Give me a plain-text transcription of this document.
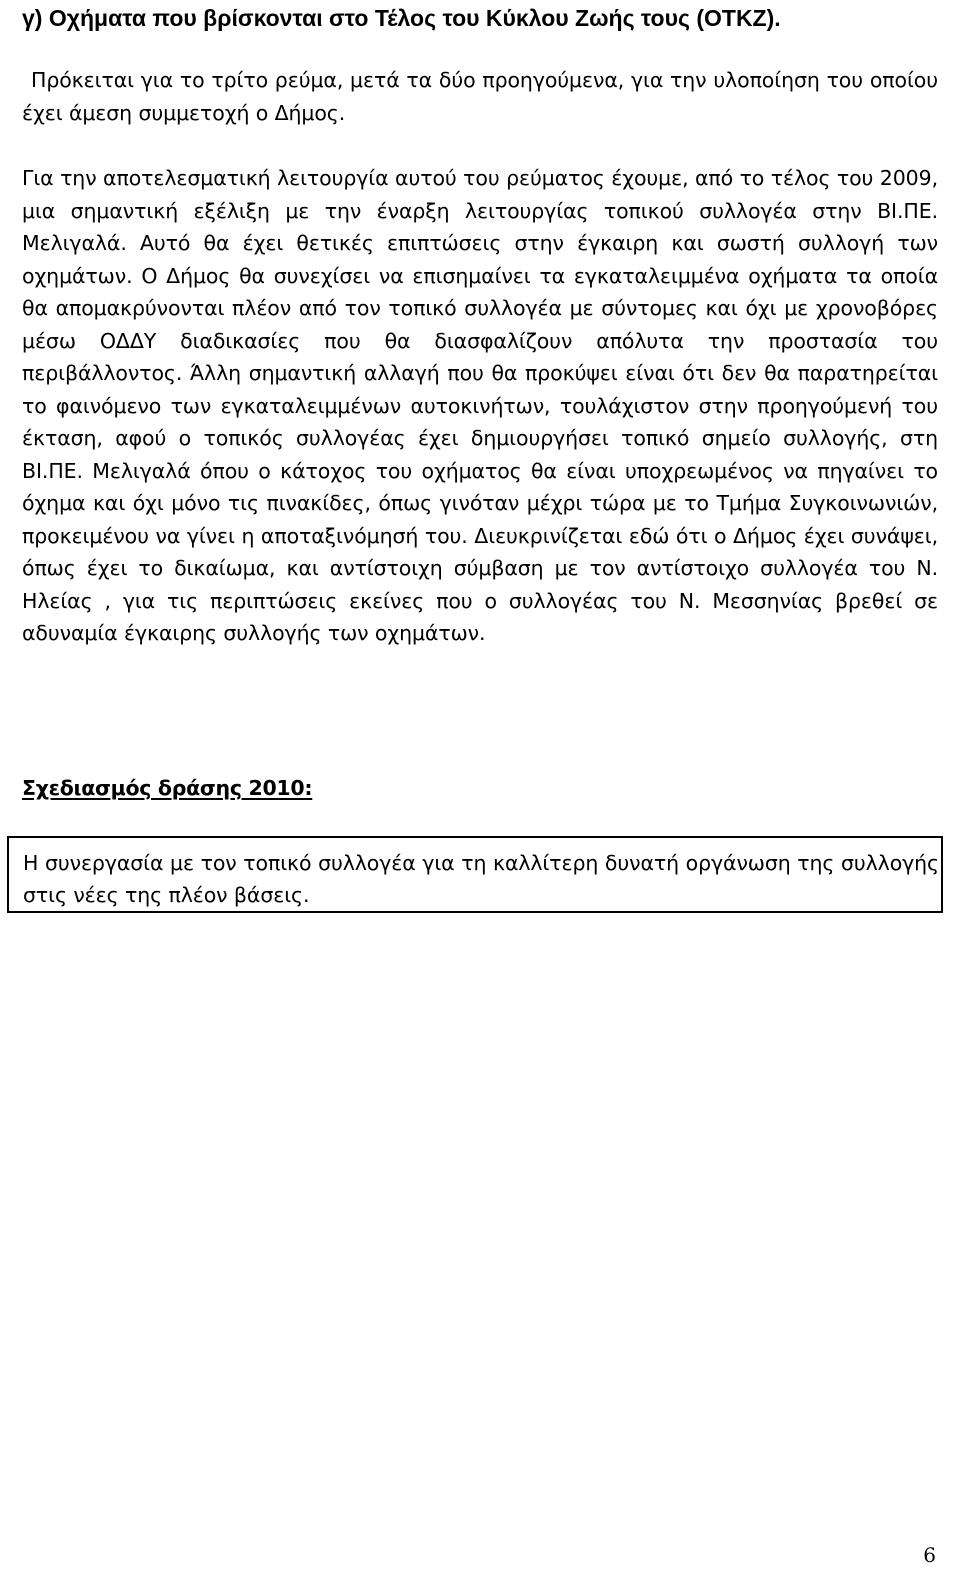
γ) Οχήματα που βρίσκονται στο Τέλος του Κύκλου Ζωής τους (ΟΤΚΖ).
Πρόκειται για το τρίτο ρεύμα, μετά τα δύο προηγούμενα, για την υλοποίηση του οποίου έχει άμεση συμμετοχή ο Δήμος.
Για την αποτελεσματική λειτουργία αυτού του ρεύματος έχουμε, από το τέλος του 2009, μια σημαντική εξέλιξη με την έναρξη λειτουργίας τοπικού συλλογέα στην ΒΙ.ΠΕ. Μελιγαλά. Αυτό θα έχει θετικές επιπτώσεις στην έγκαιρη και σωστή συλλογή των οχημάτων. Ο Δήμος θα συνεχίσει να επισημαίνει τα εγκαταλειμμένα οχήματα τα οποία θα απομακρύνονται πλέον από τον τοπικό συλλογέα με σύντομες και όχι με χρονοβόρες μέσω ΟΔΔΥ διαδικασίες που θα διασφαλίζουν απόλυτα την προστασία του περιβάλλοντος. Άλλη σημαντική αλλαγή που θα προκύψει είναι ότι δεν θα παρατηρείται το φαινόμενο των εγκαταλειμμένων αυτοκινήτων, τουλάχιστον στην προηγούμενή του έκταση, αφού ο τοπικός συλλογέας έχει δημιουργήσει τοπικό σημείο συλλογής, στη ΒΙ.ΠΕ. Μελιγαλά όπου ο κάτοχος του οχήματος θα είναι υποχρεωμένος να πηγαίνει το όχημα και όχι μόνο τις πινακίδες, όπως γινόταν μέχρι τώρα με το Τμήμα Συγκοινωνιών, προκειμένου να γίνει η αποταξινόμησή του. Διευκρινίζεται εδώ ότι ο Δήμος έχει συνάψει, όπως έχει το δικαίωμα, και αντίστοιχη σύμβαση με τον αντίστοιχο συλλογέα του Ν. Ηλείας , για τις περιπτώσεις εκείνες που ο συλλογέας του Ν. Μεσσηνίας βρεθεί σε αδυναμία έγκαιρης συλλογής των οχημάτων.
Σχεδιασμός δράσης 2010:
Η συνεργασία με τον τοπικό συλλογέα για τη καλλίτερη δυνατή οργάνωση της συλλογής στις νέες της πλέον βάσεις.
6
